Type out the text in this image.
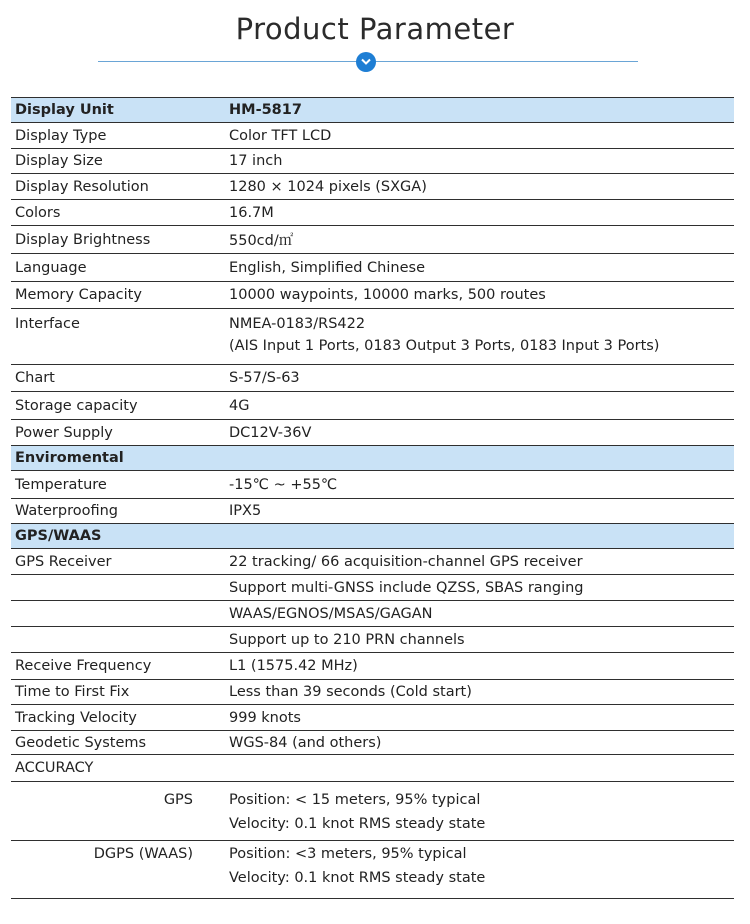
Product Parameter
Display Unit	HM-5817
Display Type	Color TFT LCD
Display Size	17 inch
Display Resolution	1280 × 1024 pixels (SXGA)
Colors	16.7M
Display Brightness	550cd/㎡
Language	English, Simplified Chinese
Memory Capacity	10000 waypoints, 10000 marks, 500 routes
Interface	NMEA-0183/RS422
(AIS Input 1 Ports, 0183 Output 3 Ports, 0183 Input 3 Ports)

Chart	S-57/S-63
Storage capacity	4G
Power Supply	DC12V-36V
Enviromental	
Temperature	-15℃ ~ +55℃
Waterproofing	IPX5
GPS/WAAS	
GPS Receiver	22 tracking/ 66 acquisition-channel GPS receiver
	Support multi-GNSS include QZSS, SBAS ranging
	WAAS/EGNOS/MSAS/GAGAN
	Support up to 210 PRN channels
Receive Frequency	L1 (1575.42 MHz)
Time to First Fix	Less than 39 seconds (Cold start)
Tracking Velocity	999 knots
Geodetic Systems	WGS-84 (and others)
ACCURACY	
GPS	Position: < 15 meters, 95% typical
Velocity: 0.1 knot RMS steady state

DGPS (WAAS)	Position: <3 meters, 95% typical
Velocity: 0.1 knot RMS steady state
